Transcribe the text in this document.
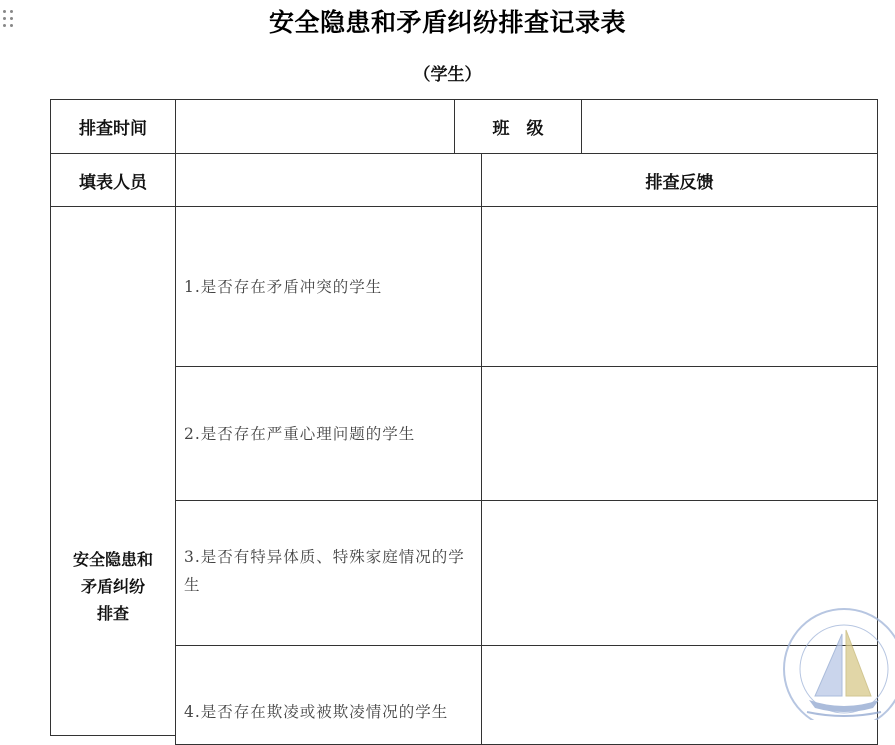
安全隐患和矛盾纠纷排查记录表
（学生）
排查时间	班　级
填表人员	排查反馈
安全隐患和
矛盾纠纷
排查
1.是否存在矛盾冲突的学生
2.是否存在严重心理问题的学生
3.是否有特异体质、特殊家庭情况的学生
4.是否存在欺凌或被欺凌情况的学生
